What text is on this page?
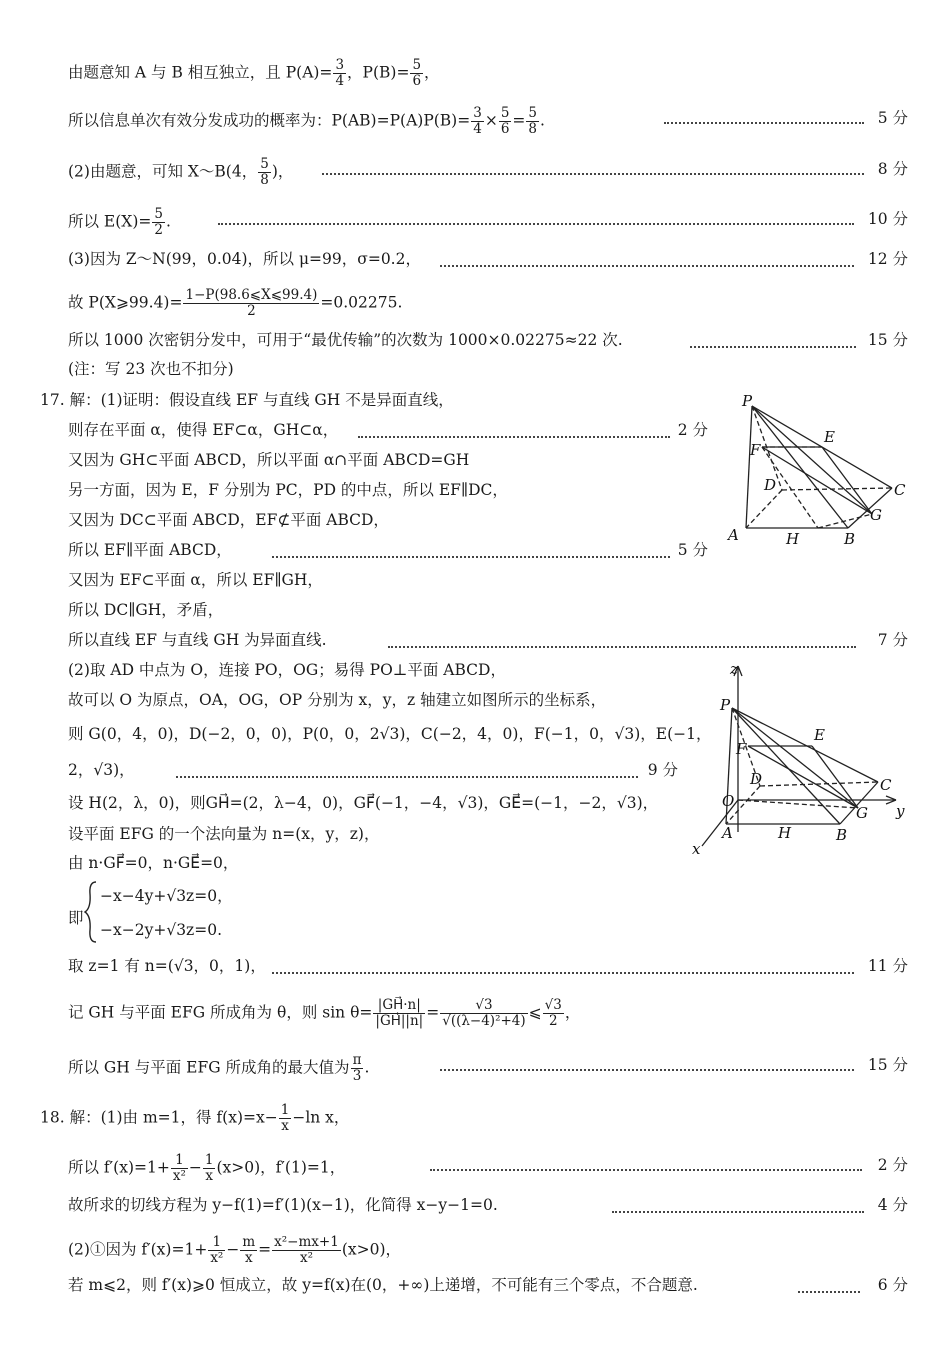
由题意知 A 与 B 相互独立，且 $P(A)= \frac{3}{4}$ ，$P(B)= \frac{5}{6}$ ，
所以信息单次有效分发成功的概率为：$P(AB)=P(A)P(B)= \frac{3}{4} \times \frac{5}{6} = \frac{5}{8}$ .	5 分
(2)由题意，可知 X～B(4， $\frac{5}{8}$ )，	8 分
所以 $E(X)= \frac{5}{2}$ .	10 分
(3)因为 Z～N(99，0.04)，所以 μ=99，σ=0.2，	12 分
故 P(X⩾99.4)= $\frac{1-P(98.6⩽X⩽99.4)}{2} =0.02275$.
所以 1000 次密钥分发中，可用于“最优传输”的次数为 1000×0.02275≈22 次.	15 分
(注：写 23 次也不扣分)
17. 解：(1)证明：假设直线 EF 与直线 GH 不是异面直线，
则存在平面 α，使得 EF⊂α，GH⊂α，	2 分
又因为 GH⊂平面 ABCD，所以平面 α∩平面 ABCD=GH
另一方面，因为 E，F 分别为 PC，PD 的中点，所以 EF∥DC，
又因为 DC⊂平面 ABCD，EF⊄平面 ABCD，
所以 EF∥平面 ABCD，	5 分
又因为 EF⊂平面 α，所以 EF∥GH，
所以 DC∥GH，矛盾，
所以直线 EF 与直线 GH 为异面直线.	7 分
(2)取 AD 中点为 O，连接 PO，OG；易得 PO⊥平面 ABCD，
故可以 O 为原点，OA，OG，OP 分别为 x，y，z 轴建立如图所示的坐标系，
则 G(0，4，0)，D(−2，0，0)，P(0，0，2√3)，C(−2，4，0)，F(−1，0，√3)，E(−1，
2，√3)，	9 分
设 H(2，λ，0)，则GH⃗=(2，λ−4，0)，GF⃗(−1，−4，√3)，GE⃗=(−1，−2，√3)，
设平面 EFG 的一个法向量为 n=(x，y，z)，
由 n·GF⃗=0，n·GE⃗=0，
即
−x−4y+√3z=0，
−x−2y+√3z=0.
取 z=1 有 n=(√3，0，1)，	11 分
记 GH 与平面 EFG 所成角为 θ，则 $\sin \theta= \frac{|GH⃗\cdot n|}{|GH⃗||n|} = \frac{√3}{\text{√((λ−4)²+4)}}$ ⩽ $\frac{√3}{2}$ ，
所以 GH 与平面 EFG 所成角的最大值为 $\frac{\pi}{3}$ .	15 分
18. 解：(1)由 m=1，得 $f(x)=x- \frac{1}{x} -\ln$ x，
所以 $f'(x)=1+ \frac{1}{\text{x²}} - \frac{1}{x} (x>0)$，f′(1)=1，	2 分
故所求的切线方程为 y−f(1)=f′(1)(x−1)，化简得 x−y−1=0.	4 分
(2)①因为 $f'(x)=1+ \frac{1}{\text{x²}} - \frac{m}{x} = \frac{\text{x²−mx+1}}{\text{x²}} (x>0)$，
若 m⩽2，则 f′(x)⩾0 恒成立，故 y=f(x)在(0，+∞)上递增，不可能有三个零点，不合题意.	6 分
P
E
F
D	C
G
A	H	B
z
P
E
F
D	C
O
G y
A	H	B
x
